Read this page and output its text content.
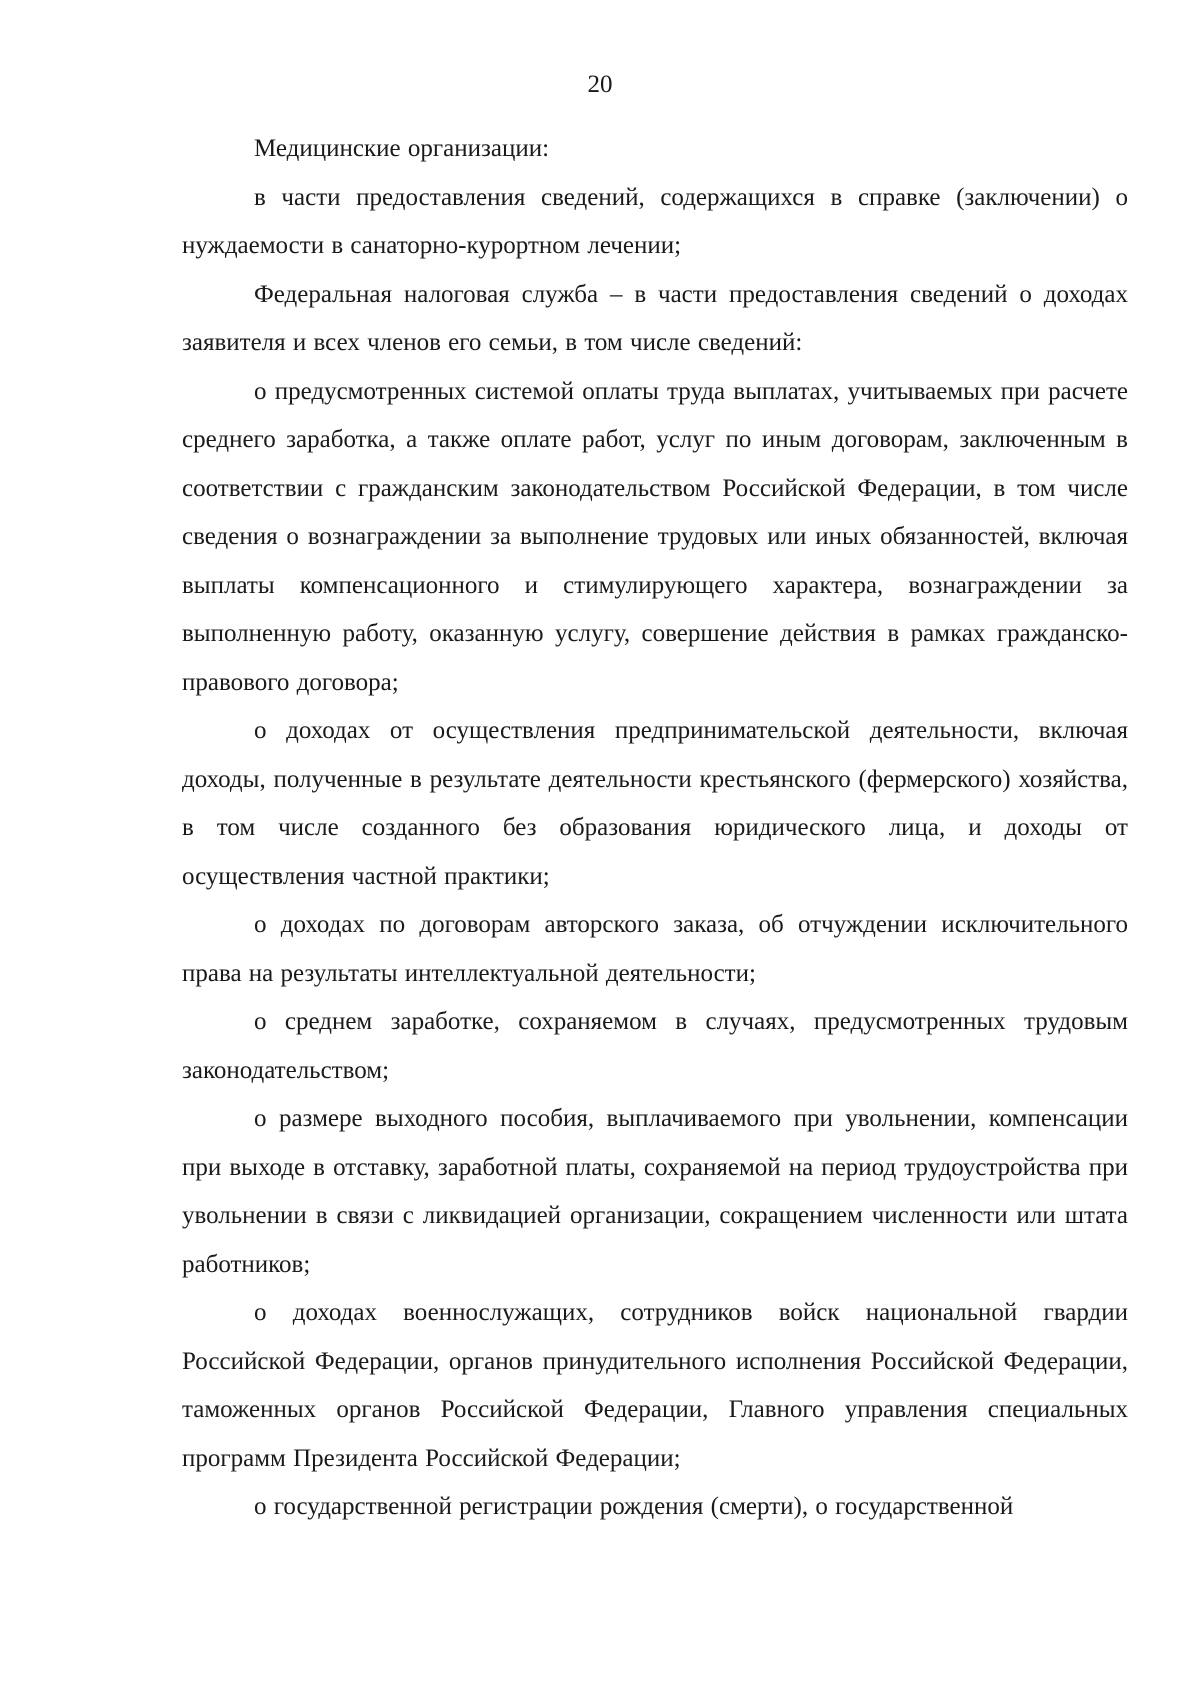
20

Медицинские организации:

в части предоставления сведений, содержащихся в справке (заключении) о нуждаемости в санаторно-курортном лечении;

Федеральная налоговая служба – в части предоставления сведений о доходах заявителя и всех членов его семьи, в том числе сведений:

о предусмотренных системой оплаты труда выплатах, учитываемых при расчете среднего заработка, а также оплате работ, услуг по иным договорам, заключенным в соответствии с гражданским законодательством Российской Федерации, в том числе сведения о вознаграждении за выполнение трудовых или иных обязанностей, включая выплаты компенсационного и стимулирующего характера, вознаграждении за выполненную работу, оказанную услугу, совершение действия в рамках гражданско-правового договора;

о доходах от осуществления предпринимательской деятельности, включая доходы, полученные в результате деятельности крестьянского (фермерского) хозяйства, в том числе созданного без образования юридического лица, и доходы от осуществления частной практики;

о доходах по договорам авторского заказа, об отчуждении исключительного права на результаты интеллектуальной деятельности;

о среднем заработке, сохраняемом в случаях, предусмотренных трудовым законодательством;

о размере выходного пособия, выплачиваемого при увольнении, компенсации при выходе в отставку, заработной платы, сохраняемой на период трудоустройства при увольнении в связи с ликвидацией организации, сокращением численности или штата работников;

о доходах военнослужащих, сотрудников войск национальной гвардии Российской Федерации, органов принудительного исполнения Российской Федерации, таможенных органов Российской Федерации, Главного управления специальных программ Президента Российской Федерации;

о государственной регистрации рождения (смерти), о государственной
